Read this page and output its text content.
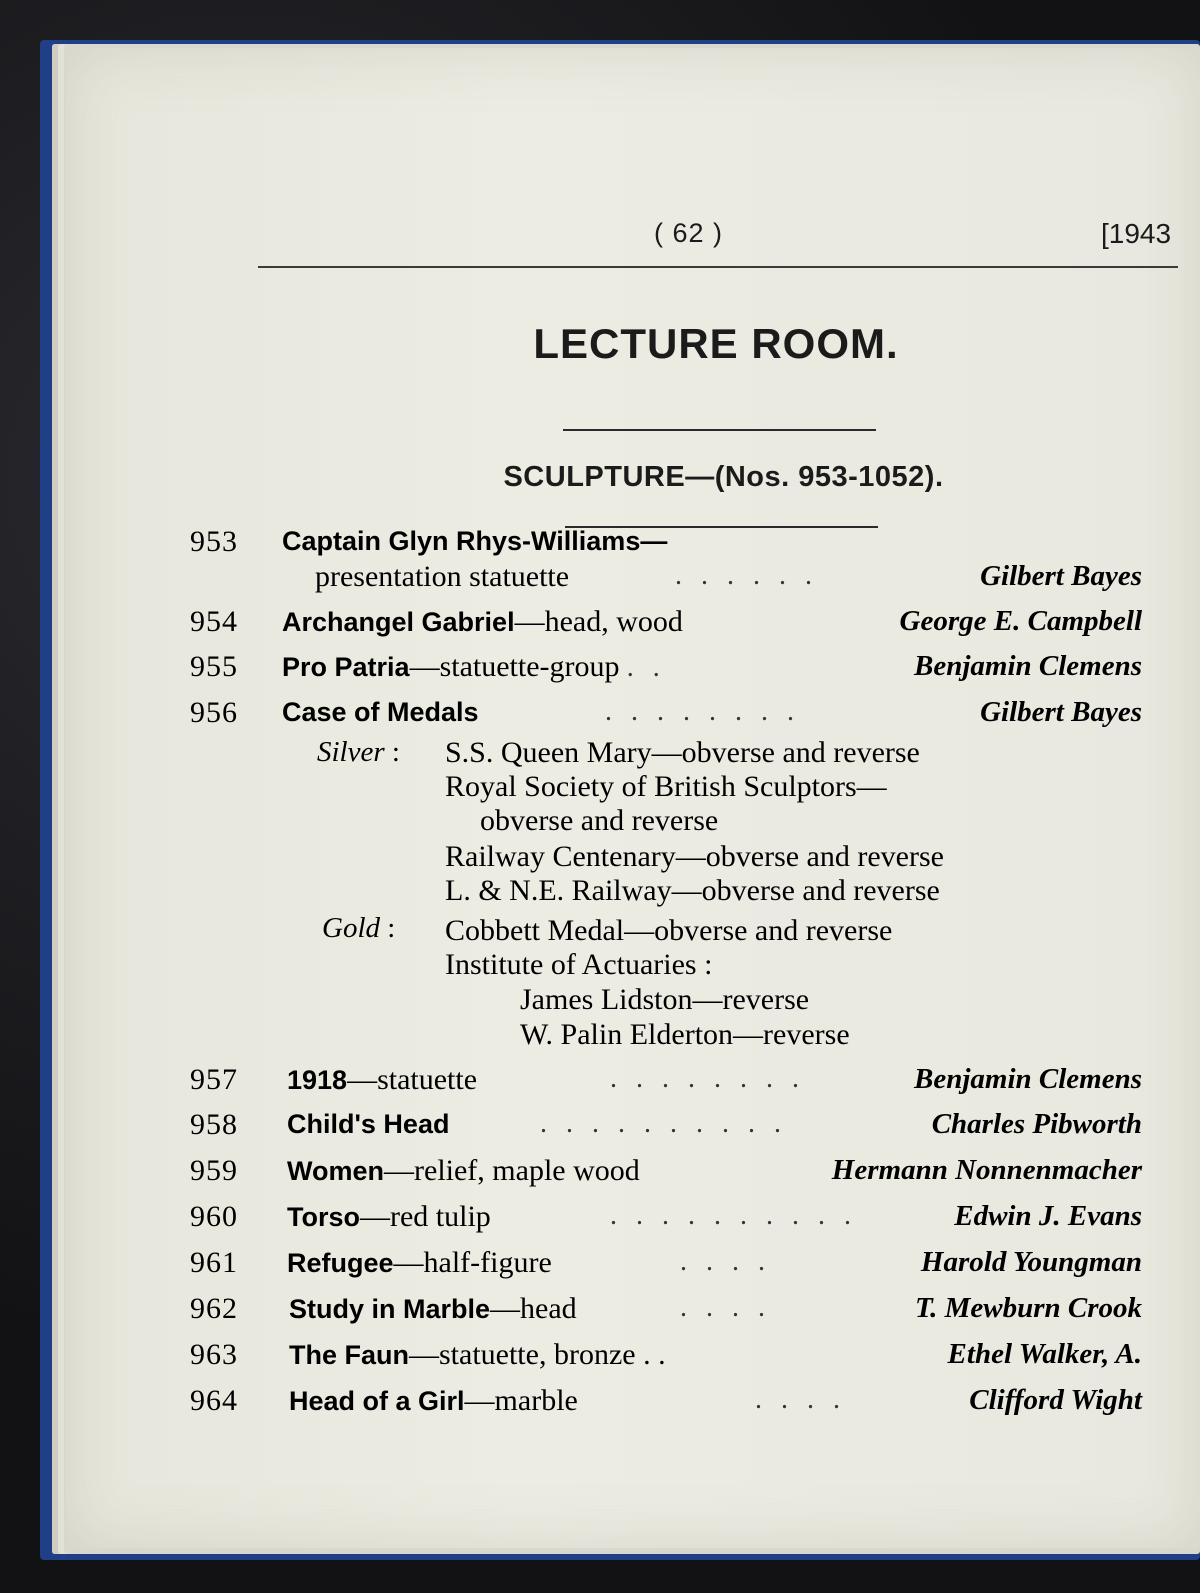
( 62 )	[1943
LECTURE ROOM.
SCULPTURE—(Nos. 953-1052).
953 Captain Glyn Rhys-Williams—
presentation statuette	. . . . . .	Gilbert Bayes
954 Archangel Gabriel—head, wood	George E. Campbell
955 Pro Patria—statuette-group . .	Benjamin Clemens
956 Case of Medals	. . . . . . . .	Gilbert Bayes
Silver : S.S. Queen Mary—obverse and reverse
Royal Society of British Sculptors—
obverse and reverse
Railway Centenary—obverse and reverse
L. & N.E. Railway—obverse and reverse
Gold : Cobbett Medal—obverse and reverse
Institute of Actuaries :
James Lidston—reverse
W. Palin Elderton—reverse
957 1918—statuette	. . . . . . . .	Benjamin Clemens
958 Child's Head	. . . . . . . . . .	Charles Pibworth
959 Women—relief, maple wood	Hermann Nonnenmacher
960 Torso—red tulip	. . . . . . . . . .	Edwin J. Evans
961 Refugee—half-figure	. . . .	Harold Youngman
962 Study in Marble—head	. . . .	T. Mewburn Crook
963 The Faun—statuette, bronze . .	Ethel Walker, A.
964 Head of a Girl—marble	. . . .	Clifford Wight
